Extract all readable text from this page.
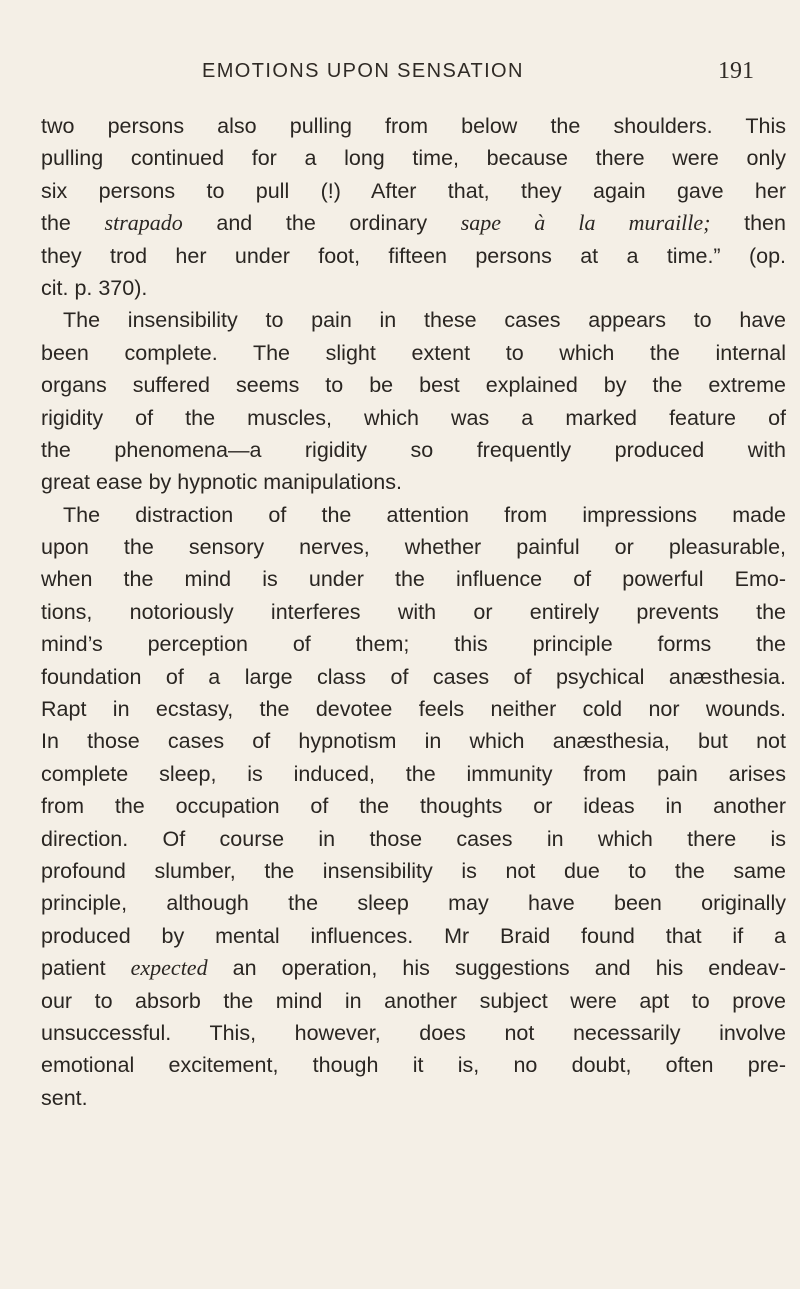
EMOTIONS UPON SENSATION	191
two persons also pulling from below the shoulders. This
pulling continued for a long time, because there were only
six persons to pull (!) After that, they again gave her
the strapado and the ordinary sape à la muraille; then
they trod her under foot, fifteen persons at a time.” (op.
cit. p. 370).
The insensibility to pain in these cases appears to have
been complete. The slight extent to which the internal
organs suffered seems to be best explained by the extreme
rigidity of the muscles, which was a marked feature of
the phenomena—a rigidity so frequently produced with
great ease by hypnotic manipulations.
The distraction of the attention from impressions made
upon the sensory nerves, whether painful or pleasurable,
when the mind is under the influence of powerful Emo-
tions, notoriously interferes with or entirely prevents the
mind’s perception of them; this principle forms the
foundation of a large class of cases of psychical anæsthesia.
Rapt in ecstasy, the devotee feels neither cold nor wounds.
In those cases of hypnotism in which anæsthesia, but not
complete sleep, is induced, the immunity from pain arises
from the occupation of the thoughts or ideas in another
direction. Of course in those cases in which there is
profound slumber, the insensibility is not due to the same
principle, although the sleep may have been originally
produced by mental influences. Mr Braid found that if a
patient expected an operation, his suggestions and his endeav-
our to absorb the mind in another subject were apt to prove
unsuccessful. This, however, does not necessarily involve
emotional excitement, though it is, no doubt, often pre-
sent.
